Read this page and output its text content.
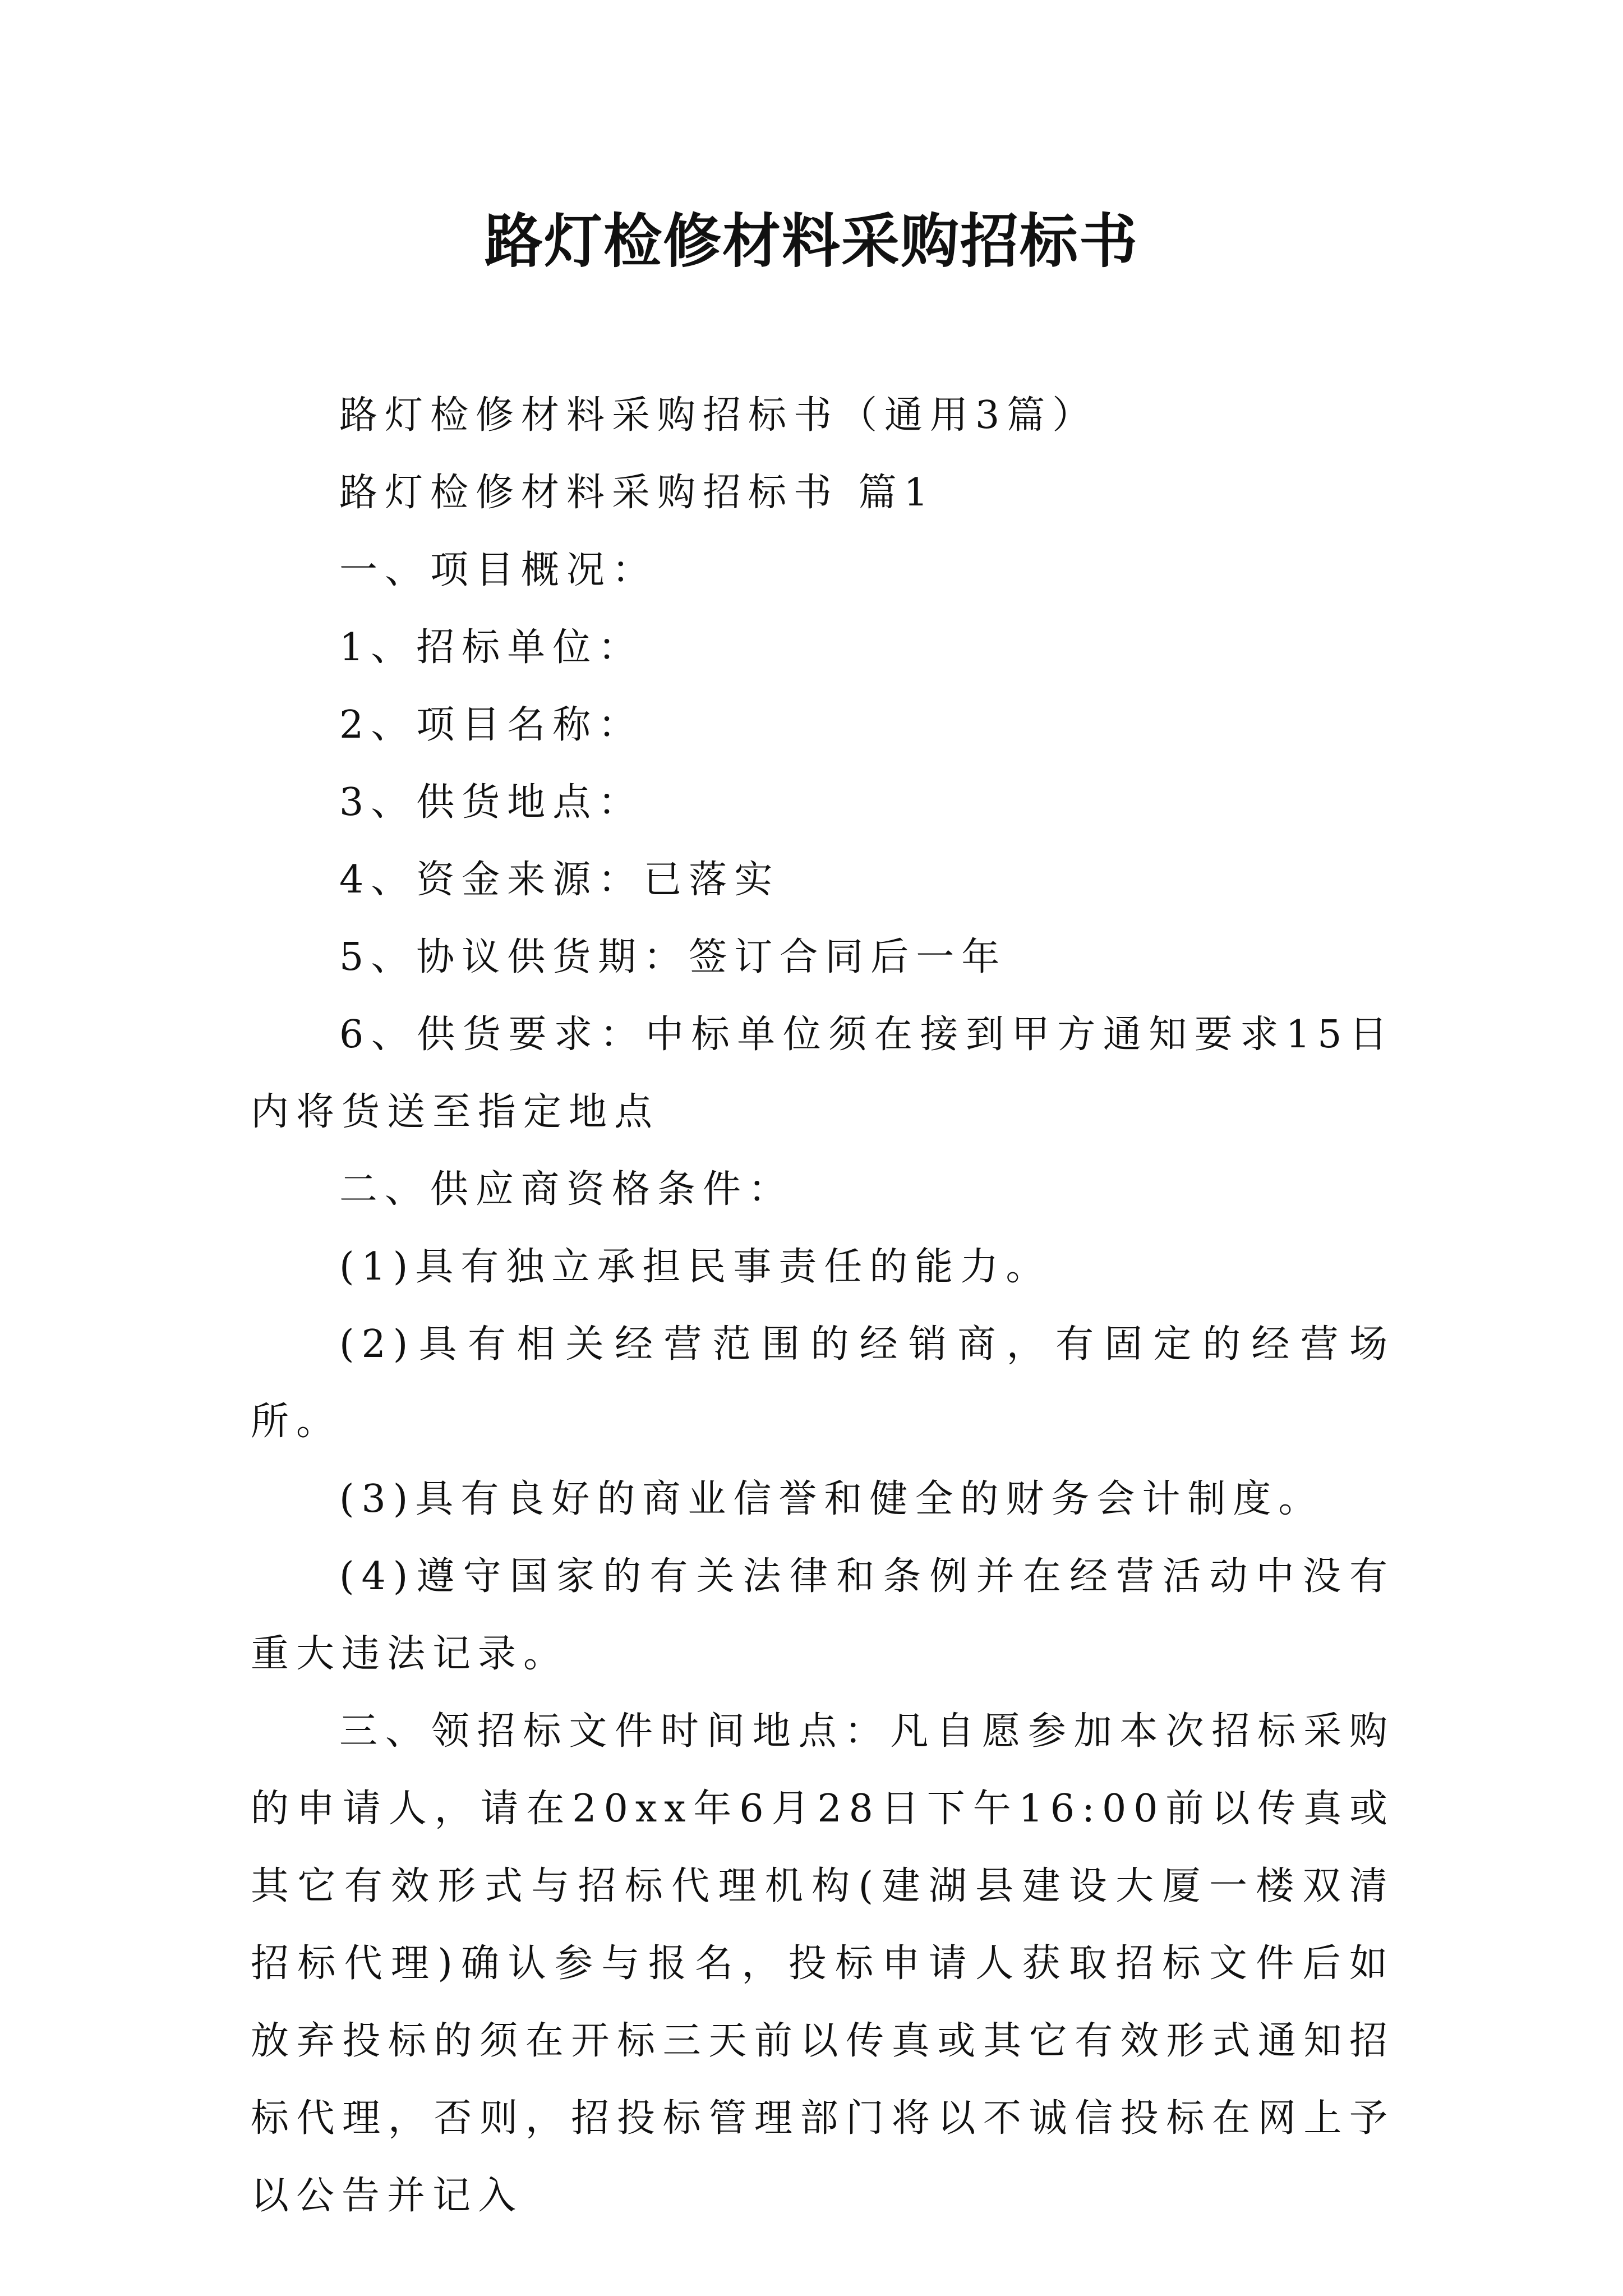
路灯检修材料采购招标书

路灯检修材料采购招标书（通用3篇）

路灯检修材料采购招标书 篇1

一、项目概况：

1、招标单位：

2、项目名称：

3、供货地点：

4、资金来源：已落实

5、协议供货期：签订合同后一年

6、供货要求：中标单位须在接到甲方通知要求15日内将货送至指定地点

二、供应商资格条件：

(1)具有独立承担民事责任的能力。

(2)具有相关经营范围的经销商，有固定的经营场所。

(3)具有良好的商业信誉和健全的财务会计制度。

(4)遵守国家的有关法律和条例并在经营活动中没有重大违法记录。

三、领招标文件时间地点：凡自愿参加本次招标采购的申请人，请在20xx年6月28日下午16:00前以传真或其它有效形式与招标代理机构(建湖县建设大厦一楼双清招标代理)确认参与报名，投标申请人获取招标文件后如放弃投标的须在开标三天前以传真或其它有效形式通知招标代理，否则，招投标管理部门将以不诚信投标在网上予以公告并记入
